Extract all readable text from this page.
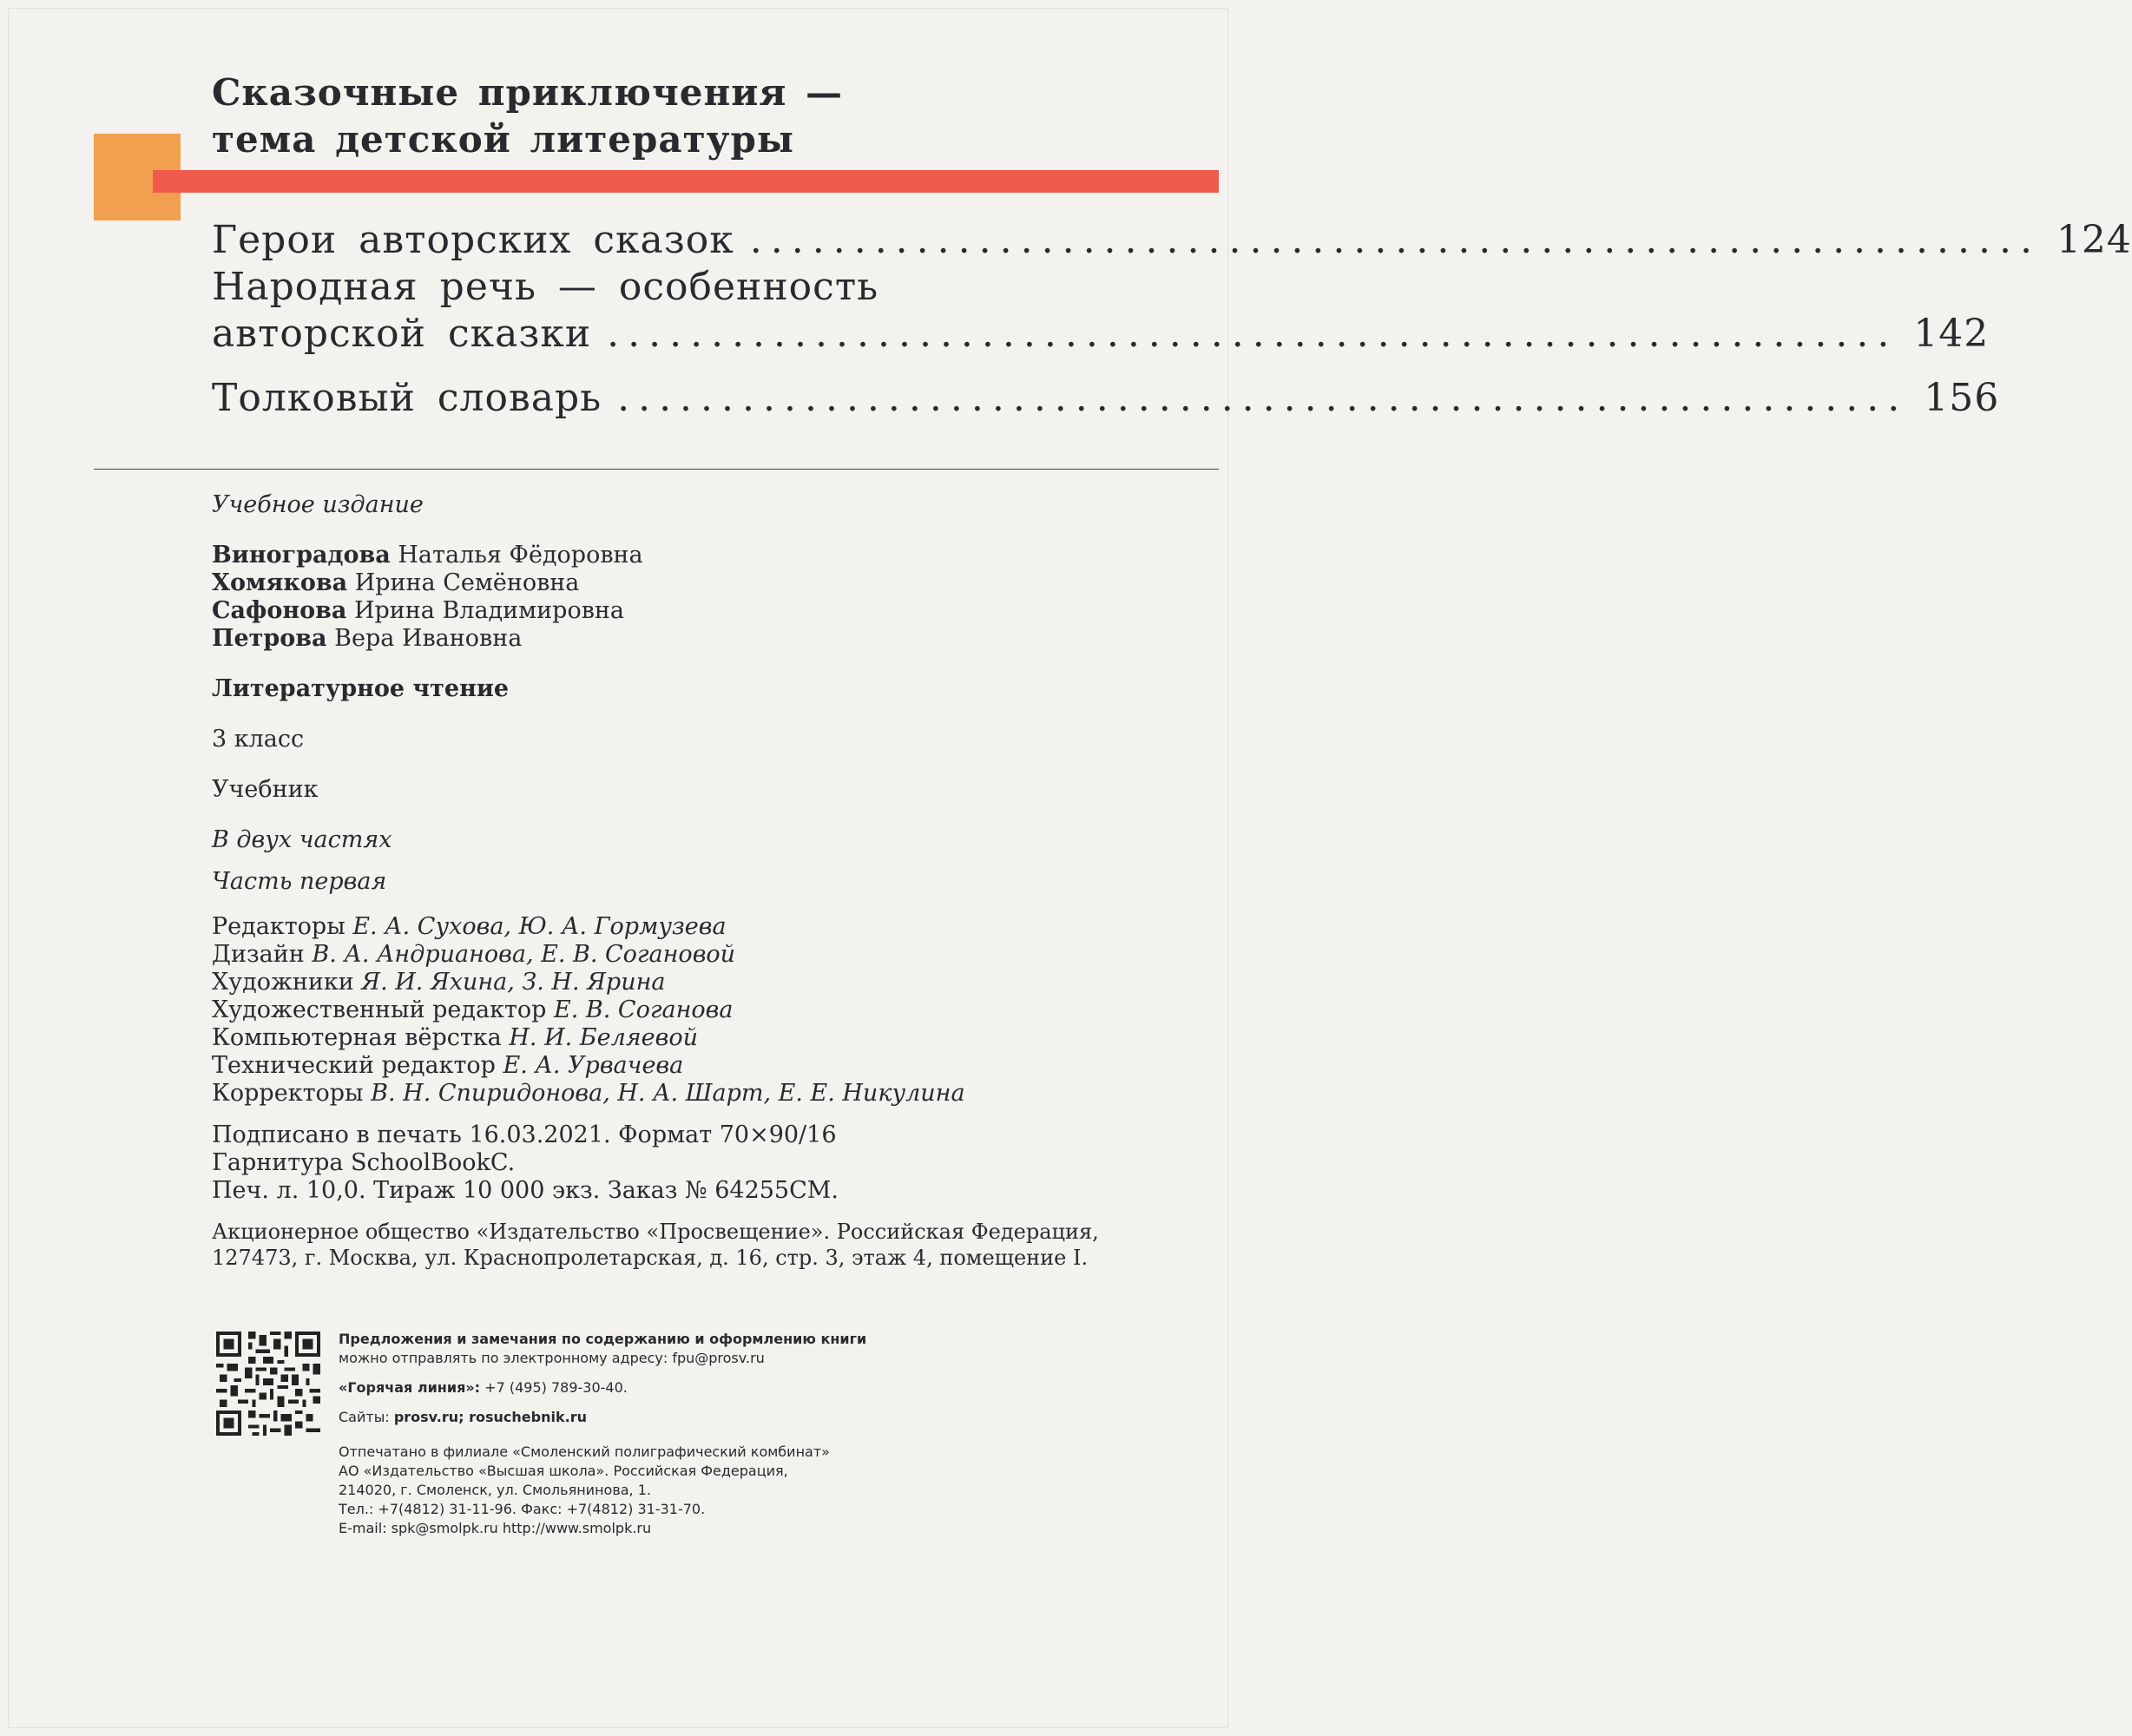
Сказочные приключения —
тема детской литературы
Герои авторских сказок .............................................................. 124
Народная речь — особенность
авторской сказки .............................................................. 142
Толковый словарь .............................................................. 156

Учебное издание

Виноградова Наталья Фёдоровна

Хомякова Ирина Семёновна

Сафонова Ирина Владимировна

Петрова Вера Ивановна

Литературное чтение

3 класс

Учебник

В двух частях

Часть первая

Редакторы Е. А. Сухова, Ю. А. Гормузева

Дизайн В. А. Андрианова, Е. В. Согановой

Художники Я. И. Яхина, З. Н. Ярина

Художественный редактор Е. В. Соганова

Компьютерная вёрстка Н. И. Беляевой

Технический редактор Е. А. Урвачева

Корректоры В. Н. Спиридонова, Н. А. Шарт, Е. Е. Никулина

Подписано в печать 16.03.2021. Формат 70×90/16

Гарнитура SchoolBookC.

Печ. л. 10,0. Тираж 10 000 экз. Заказ № 64255СМ.

Акционерное общество «Издательство «Просвещение». Российская Федерация,

127473, г. Москва, ул. Краснопролетарская, д. 16, стр. 3, этаж 4, помещение I.

Предложения и замечания по содержанию и оформлению книги

можно отправлять по электронному адресу: fpu@prosv.ru

«Горячая линия»: +7 (495) 789-30-40.

Сайты: prosv.ru; rosuchebnik.ru

Отпечатано в филиале «Смоленский полиграфический комбинат»

АО «Издательство «Высшая школа». Российская Федерация,

214020, г. Смоленск, ул. Смольянинова, 1.

Тел.: +7(4812) 31-11-96. Факс: +7(4812) 31-31-70.

E-mail: spk@smolpk.ru http://www.smolpk.ru
